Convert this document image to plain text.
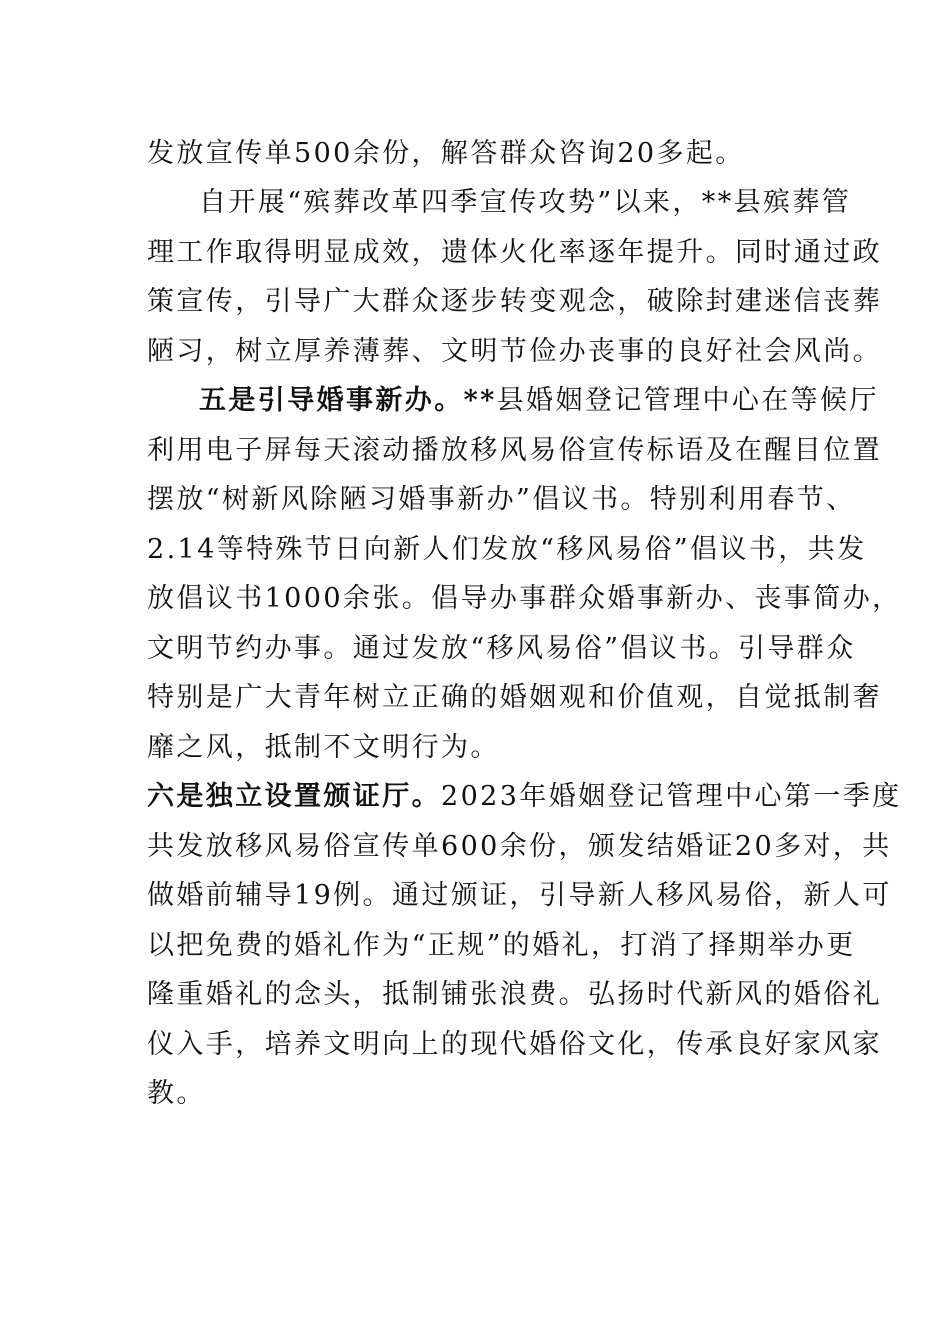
发放宣传单500余份，解答群众咨询20多起。
自开展“殡葬改革四季宣传攻势”以来，**县殡葬管
理工作取得明显成效，遗体火化率逐年提升。同时通过政
策宣传，引导广大群众逐步转变观念，破除封建迷信丧葬
陋习，树立厚养薄葬、文明节俭办丧事的良好社会风尚。
五是引导婚事新办。**县婚姻登记管理中心在等候厅
利用电子屏每天滚动播放移风易俗宣传标语及在醒目位置
摆放“树新风除陋习婚事新办”倡议书。特别利用春节、
2.14等特殊节日向新人们发放“移风易俗”倡议书，共发
放倡议书1000余张。倡导办事群众婚事新办、丧事简办，
文明节约办事。通过发放“移风易俗”倡议书。引导群众
特别是广大青年树立正确的婚姻观和价值观，自觉抵制奢
靡之风，抵制不文明行为。
六是独立设置颁证厅。2023年婚姻登记管理中心第一季度
共发放移风易俗宣传单600余份，颁发结婚证20多对，共
做婚前辅导19例。通过颁证，引导新人移风易俗，新人可
以把免费的婚礼作为“正规”的婚礼，打消了择期举办更
隆重婚礼的念头，抵制铺张浪费。弘扬时代新风的婚俗礼
仪入手，培养文明向上的现代婚俗文化，传承良好家风家
教。
